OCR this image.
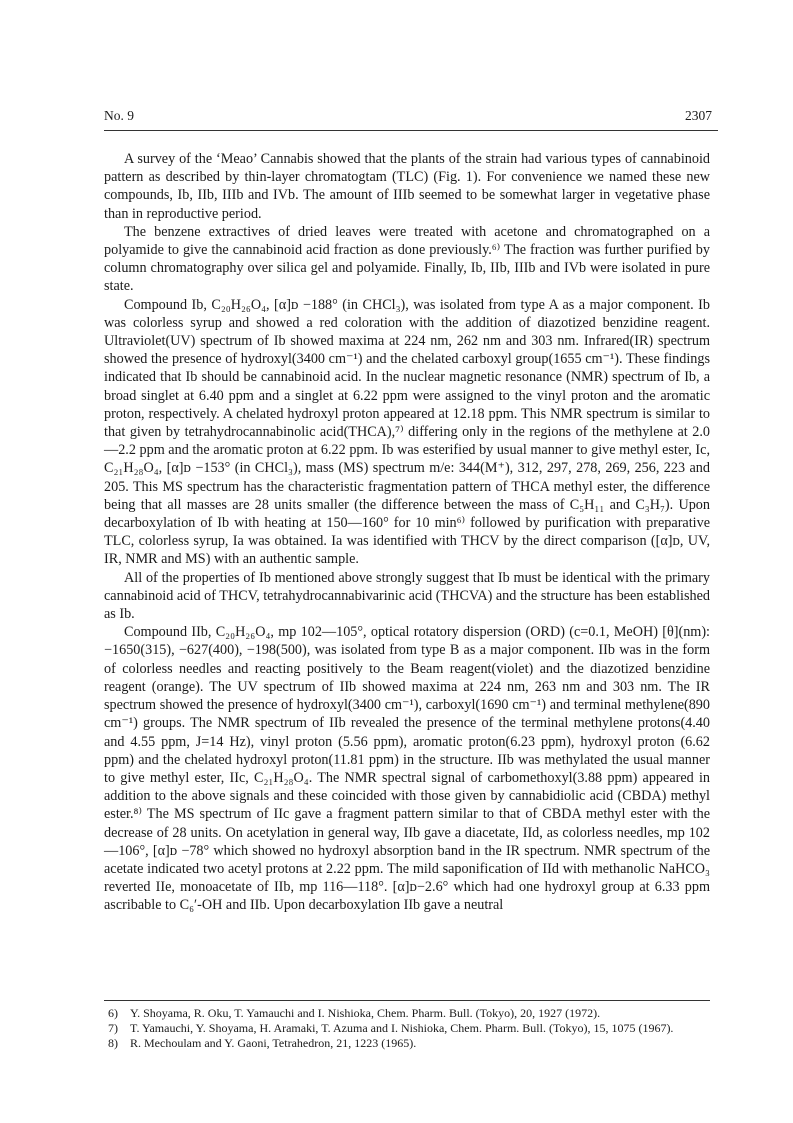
No. 9	2307

A survey of the ‘Meao’ Cannabis showed that the plants of the strain had various types of cannabinoid pattern as described by thin-layer chromatogtam (TLC) (Fig. 1). For convenience we named these new compounds, Ib, IIb, IIIb and IVb. The amount of IIIb seemed to be somewhat larger in vegetative phase than in reproductive period.

The benzene extractives of dried leaves were treated with acetone and chromatographed on a polyamide to give the cannabinoid acid fraction as done previously.⁶⁾ The fraction was further purified by column chromatography over silica gel and polyamide. Finally, Ib, IIb, IIIb and IVb were isolated in pure state.

Compound Ib, C₂₀H₂₆O₄, [α]ᴅ −188° (in CHCl₃), was isolated from type A as a major component. Ib was colorless syrup and showed a red coloration with the addition of diazotized benzidine reagent. Ultraviolet(UV) spectrum of Ib showed maxima at 224 nm, 262 nm and 303 nm. Infrared(IR) spectrum showed the presence of hydroxyl(3400 cm⁻¹) and the chelated carboxyl group(1655 cm⁻¹). These findings indicated that Ib should be cannabinoid acid. In the nuclear magnetic resonance (NMR) spectrum of Ib, a broad singlet at 6.40 ppm and a singlet at 6.22 ppm were assigned to the vinyl proton and the aromatic proton, respectively. A chelated hydroxyl proton appeared at 12.18 ppm. This NMR spectrum is similar to that given by tetrahydrocannabinolic acid(THCA),⁷⁾ differing only in the regions of the methylene at 2.0—2.2 ppm and the aromatic proton at 6.22 ppm. Ib was esterified by usual manner to give methyl ester, Ic, C₂₁H₂₈O₄, [α]ᴅ −153° (in CHCl₃), mass (MS) spectrum m/e: 344(M⁺), 312, 297, 278, 269, 256, 223 and 205. This MS spectrum has the characteristic fragmentation pattern of THCA methyl ester, the difference being that all masses are 28 units smaller (the difference between the mass of C₅H₁₁ and C₃H₇). Upon decarboxylation of Ib with heating at 150—160° for 10 min⁶⁾ followed by purification with preparative TLC, colorless syrup, Ia was obtained. Ia was identified with THCV by the direct comparison ([α]ᴅ, UV, IR, NMR and MS) with an authentic sample.

All of the properties of Ib mentioned above strongly suggest that Ib must be identical with the primary cannabinoid acid of THCV, tetrahydrocannabivarinic acid (THCVA) and the structure has been established as Ib.

Compound IIb, C₂₀H₂₆O₄, mp 102—105°, optical rotatory dispersion (ORD) (c=0.1, MeOH) [θ](nm): −1650(315), −627(400), −198(500), was isolated from type B as a major component. IIb was in the form of colorless needles and reacting positively to the Beam reagent(violet) and the diazotized benzidine reagent (orange). The UV spectrum of IIb showed maxima at 224 nm, 263 nm and 303 nm. The IR spectrum showed the presence of hydroxyl(3400 cm⁻¹), carboxyl(1690 cm⁻¹) and terminal methylene(890 cm⁻¹) groups. The NMR spectrum of IIb revealed the presence of the terminal methylene protons(4.40 and 4.55 ppm, J=14 Hz), vinyl proton (5.56 ppm), aromatic proton(6.23 ppm), hydroxyl proton (6.62 ppm) and the chelated hydroxyl proton(11.81 ppm) in the structure. IIb was methylated the usual manner to give methyl ester, IIc, C₂₁H₂₈O₄. The NMR spectral signal of carbomethoxyl(3.88 ppm) appeared in addition to the above signals and these coincided with those given by cannabidiolic acid (CBDA) methyl ester.⁸⁾ The MS spectrum of IIc gave a fragment pattern similar to that of CBDA methyl ester with the decrease of 28 units. On acetylation in general way, IIb gave a diacetate, IId, as colorless needles, mp 102—106°, [α]ᴅ −78° which showed no hydroxyl absorption band in the IR spectrum. NMR spectrum of the acetate indicated two acetyl protons at 2.22 ppm. The mild saponification of IId with methanolic NaHCO₃ reverted IIe, monoacetate of IIb, mp 116—118°. [α]ᴅ−2.6° which had one hydroxyl group at 6.33 ppm ascribable to C₆′-OH and IIb. Upon decarboxylation IIb gave a neutral

6)	Y. Shoyama, R. Oku, T. Yamauchi and I. Nishioka, Chem. Pharm. Bull. (Tokyo), 20, 1927 (1972).
7)	T. Yamauchi, Y. Shoyama, H. Aramaki, T. Azuma and I. Nishioka, Chem. Pharm. Bull. (Tokyo), 15, 1075 (1967).
8)	R. Mechoulam and Y. Gaoni, Tetrahedron, 21, 1223 (1965).
